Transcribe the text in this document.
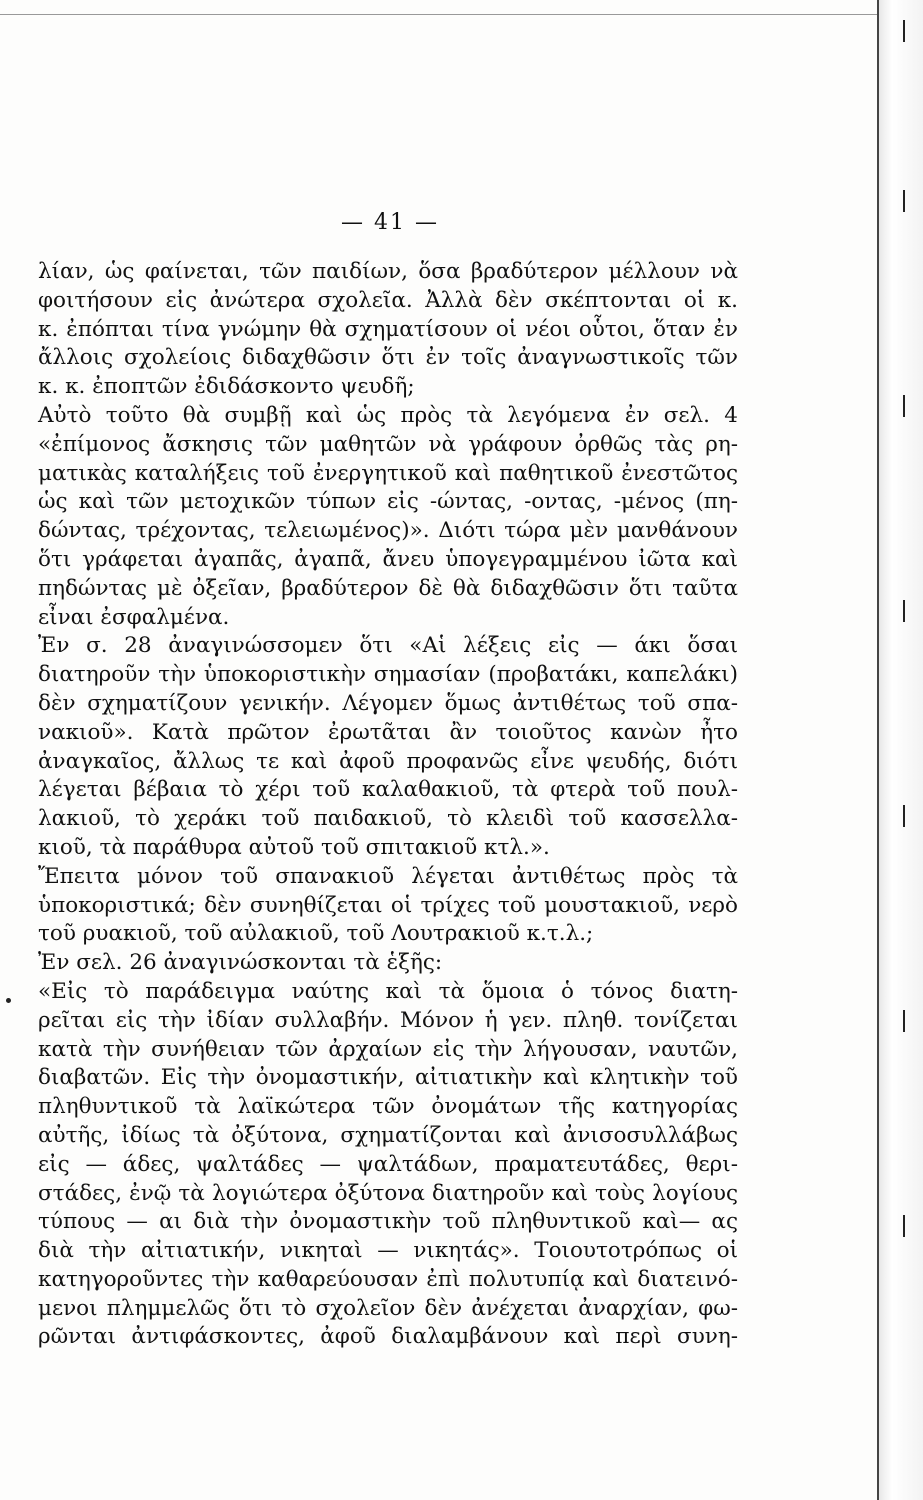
— 41 —
λίαν, ὡς φαίνεται, τῶν παιδίων, ὅσα βραδύτερον μέλλουν νὰ
φοιτήσουν εἰς ἀνώτερα σχολεῖα. Ἀλλὰ δὲν σκέπτονται οἱ κ.
κ. ἐπόπται τίνα γνώμην θὰ σχηματίσουν οἱ νέοι οὗτοι, ὅταν ἐν
ἄλλοις σχολείοις διδαχθῶσιν ὅτι ἐν τοῖς ἀναγνωστικοῖς τῶν
κ. κ. ἐποπτῶν ἐδιδάσκοντο ψευδῆ;
Αὐτὸ τοῦτο θὰ συμβῇ καὶ ὡς πρὸς τὰ λεγόμενα ἐν σελ. 4
«ἐπίμονος ἄσκησις τῶν μαθητῶν νὰ γράφουν ὀρθῶς τὰς ρη-
ματικὰς καταλήξεις τοῦ ἐνεργητικοῦ καὶ παθητικοῦ ἐνεστῶτος
ὡς καὶ τῶν μετοχικῶν τύπων εἰς -ώντας, -οντας, -μένος (πη-
δώντας, τρέχοντας, τελειωμένος)». Διότι τώρα μὲν μανθάνουν
ὅτι γράφεται ἀγαπᾶς, ἀγαπᾶ, ἄνευ ὑπογεγραμμένου ἰῶτα καὶ
πηδώντας μὲ ὀξεῖαν, βραδύτερον δὲ θὰ διδαχθῶσιν ὅτι ταῦτα
εἶναι ἐσφαλμένα.
Ἐν σ. 28 ἀναγινώσσομεν ὅτι «Αἱ λέξεις εἰς — άκι ὅσαι
διατηροῦν τὴν ὑποκοριστικὴν σημασίαν (προβατάκι, καπελάκι)
δὲν σχηματίζουν γενικήν. Λέγομεν ὅμως ἀντιθέτως τοῦ σπα-
νακιοῦ». Κατὰ πρῶτον ἐρωτᾶται ἂν τοιοῦτος κανὼν ἦτο
ἀναγκαῖος, ἄλλως τε καὶ ἀφοῦ προφανῶς εἶνε ψευδής, διότι
λέγεται βέβαια τὸ χέρι τοῦ καλαθακιοῦ, τὰ φτερὰ τοῦ πουλ-
λακιοῦ, τὸ χεράκι τοῦ παιδακιοῦ, τὸ κλειδὶ τοῦ κασσελλα-
κιοῦ, τὰ παράθυρα αὐτοῦ τοῦ σπιτακιοῦ κτλ.».
Ἔπειτα μόνον τοῦ σπανακιοῦ λέγεται ἀντιθέτως πρὸς τὰ
ὑποκοριστικά; δὲν συνηθίζεται οἱ τρίχες τοῦ μουστακιοῦ, νερὸ
τοῦ ρυακιοῦ, τοῦ αὐλακιοῦ, τοῦ Λουτρακιοῦ κ.τ.λ.;
Ἐν σελ. 26 ἀναγινώσκονται τὰ ἑξῆς:
«Εἰς τὸ παράδειγμα ναύτης καὶ τὰ ὅμοια ὁ τόνος διατη-
ρεῖται εἰς τὴν ἰδίαν συλλαβήν. Μόνον ἡ γεν. πληθ. τονίζεται
κατὰ τὴν συνήθειαν τῶν ἀρχαίων εἰς τὴν λήγουσαν, ναυτῶν,
διαβατῶν. Εἰς τὴν ὀνομαστικήν, αἰτιατικὴν καὶ κλητικὴν τοῦ
πληθυντικοῦ τὰ λαϊκώτερα τῶν ὀνομάτων τῆς κατηγορίας
αὐτῆς, ἰδίως τὰ ὀξύτονα, σχηματίζονται καὶ ἀνισοσυλλάβως
εἰς — άδες, ψαλτάδες — ψαλτάδων, πραματευτάδες, θερι-
στάδες, ἐνῷ τὰ λογιώτερα ὀξύτονα διατηροῦν καὶ τοὺς λογίους
τύπους — αι διὰ τὴν ὀνομαστικὴν τοῦ πληθυντικοῦ καὶ— ας
διὰ τὴν αἰτιατικήν, νικηταὶ — νικητάς». Τοιουτοτρόπως οἱ
κατηγοροῦντες τὴν καθαρεύουσαν ἐπὶ πολυτυπίᾳ καὶ διατεινό-
μενοι πλημμελῶς ὅτι τὸ σχολεῖον δὲν ἀνέχεται ἀναρχίαν, φω-
ρῶνται ἀντιφάσκοντες, ἀφοῦ διαλαμβάνουν καὶ περὶ συνη-
